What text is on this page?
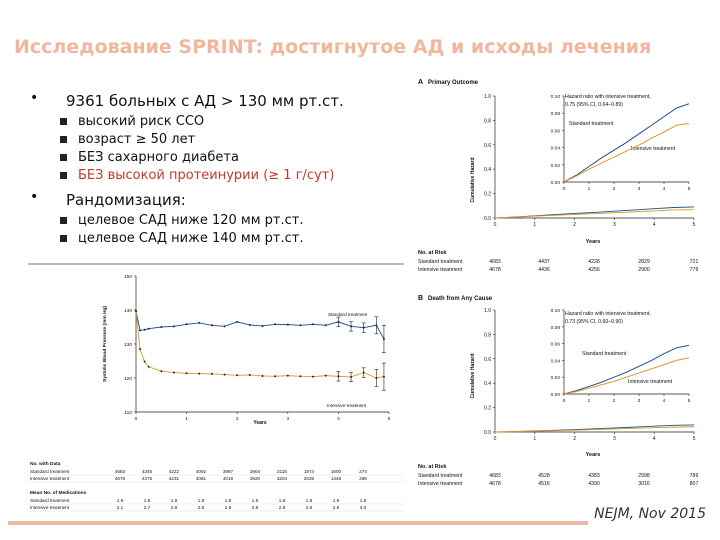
Исследование SPRINT: достигнутое АД и исходы лечения
• 9361 больных с АД > 130 мм рт.ст.
высокий риск ССО
возраст ≥ 50 лет
БЕЗ сахарного диабета
БЕЗ высокой протеинурии (≥ 1 г/сут)
• Рандомизация:
целевое САД ниже 120 мм рт.ст.
целевое САД ниже 140 мм рт.ст.
A Primary Outcome
Cumulative Hazard
Years
Hazard ratio with intensive treatment,
0.75 (95% CI, 0.64–0.89)
Standard treatment
Intensive treatment
No. at Risk
Standard treatment	4683	4437	4228	2829	721
Intensive treatment	4678	4436	4256	2900	779
0.0
0.2
0.4
0.6
0.8
1.0
0	1	2	3	4	5
0.00
0.02
0.04
0.06
0.08
0.10
0	1	2	3	4	5
B Death from Any Cause
Cumulative Hazard
Years
Hazard ratio with intensive treatment,
0.73 (95% CI, 0.60–0.90)
Standard treatment
Intensive treatment
No. at Risk
Standard treatment	4683	4528	4383	2998	789
Intensive treatment	4678	4516	4390	3016	807
0.0
0.2
0.4
0.6
0.8
1.0
0	1	2	3	4	5
0.00
0.02
0.04
0.06
0.08
0.10
0	1	2	3	4	5
Systolic Blood Pressure (mm Hg)
Years
Standard treatment
Intensive treatment
No. with Data
Mean No. of Medications
Standard treatment	4683	4345	4222	4092	3987	3904	3115	1974	1600	274
Intensive treatment	4678	4375	4231	4081	4018	3920	3204	2035	1448	286
Standard treatment	1.9	1.8	1.8	1.8	1.8	1.8	1.8	1.8	1.8	1.9
Intensive treatment	2.1	2.7	2.8	2.8	2.8	2.8	2.8	2.8	2.8	3.0
110
120
130
140
150
0	1	2	3	4	5
NEJM, Nov 2015
